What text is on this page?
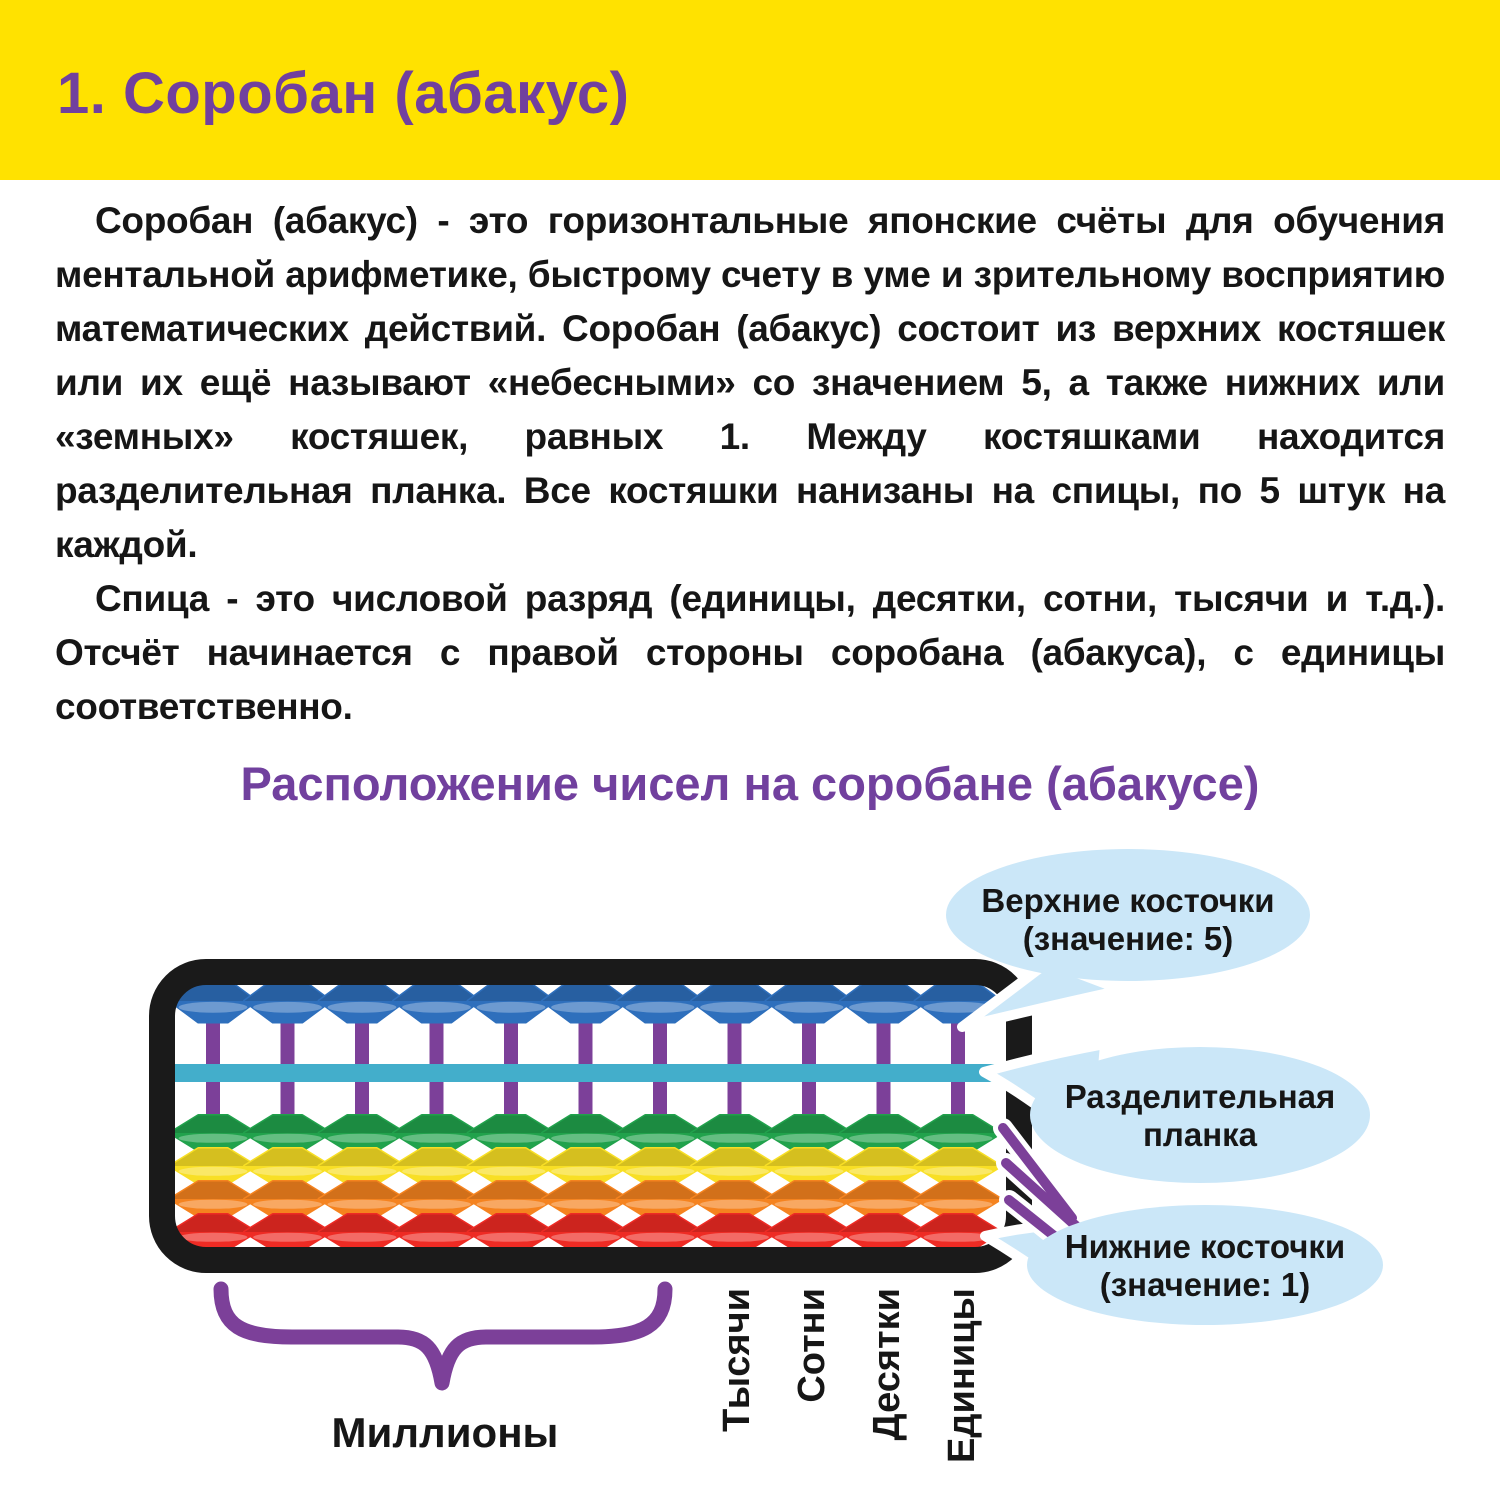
1. Соробан (абакус)

Соробан (абакус) - это горизонтальные японские счёты для обучения ментальной арифметике, быстрому счету в уме и зрительному восприятию математических действий. Соробан (абакус) состоит из верхних костяшек или их ещё называют «небесными» со значением 5, а также нижних или «земных» костяшек, равных 1. Между костяшками находится разделительная планка. Все костяшки нанизаны на спицы, по 5 штук на каждой.

Спица - это числовой разряд (единицы, десятки, сотни, тысячи и т.д.). Отсчёт начинается с правой стороны соробана (абакуса), с единицы соответственно.

Расположение чисел на соробане (абакусе)
Верхние косточки
(значение: 5)
Разделительная
планка
Нижние косточки
(значение: 1)
Миллионы
Тысячи Сотни Десятки Единицы
